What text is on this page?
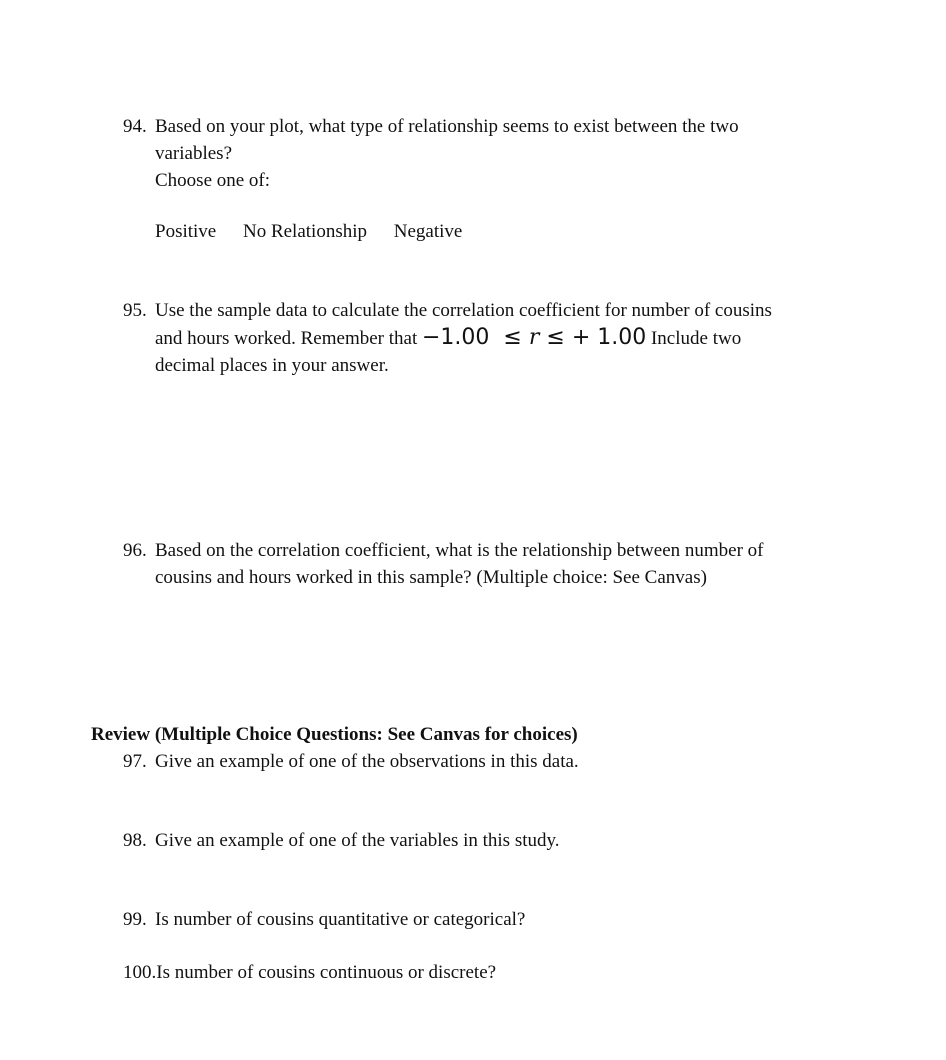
94. Based on your plot, what type of relationship seems to exist between the two
variables?
Choose one of:
Positive No Relationship Negative
95. Use the sample data to calculate the correlation coefficient for number of cousins
and hours worked. Remember that −1.00 ≤ r ≤ + 1.00 Include two
decimal places in your answer.
96. Based on the correlation coefficient, what is the relationship between number of
cousins and hours worked in this sample? (Multiple choice: See Canvas)
Review (Multiple Choice Questions: See Canvas for choices)
97. Give an example of one of the observations in this data.
98. Give an example of one of the variables in this study.
99. Is number of cousins quantitative or categorical?
100.Is number of cousins continuous or discrete?
